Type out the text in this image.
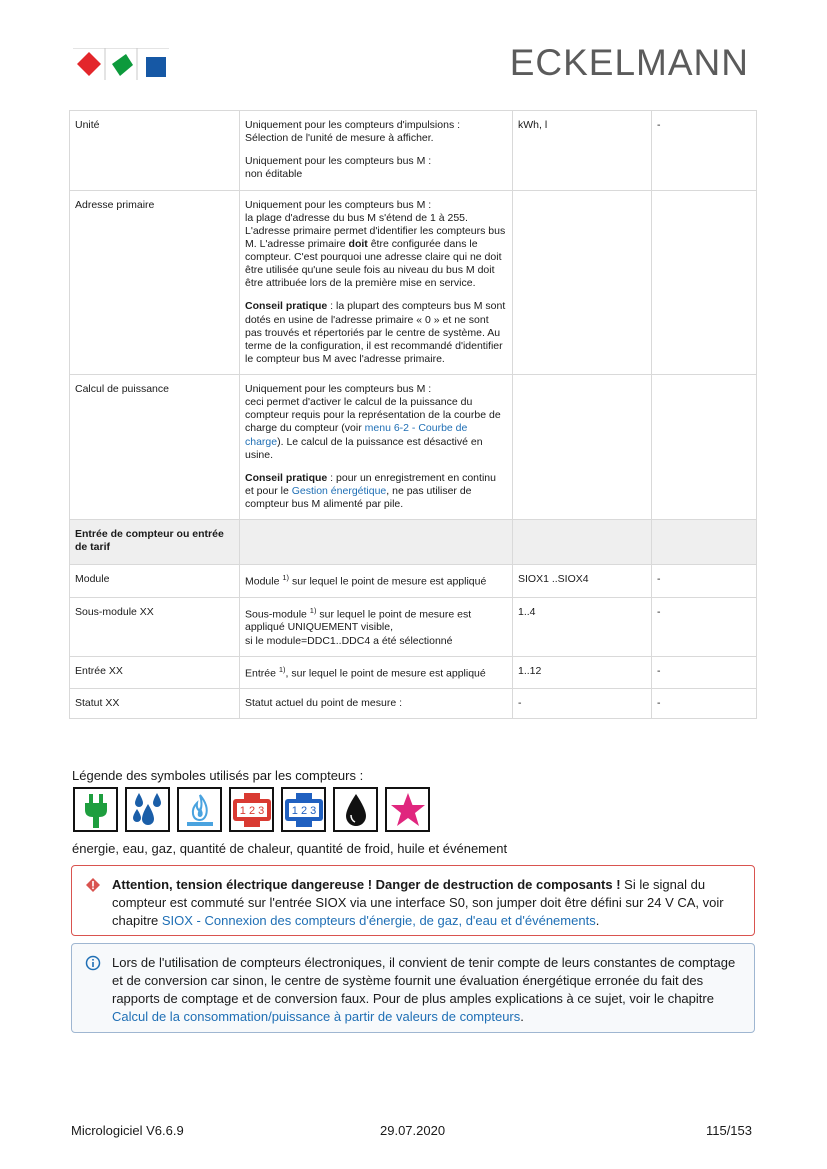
ECKELMANN
Unité	Uniquement pour les compteurs d'impulsions :
Sélection de l'unité de mesure à afficher.
Uniquement pour les compteurs bus M :
non éditable	kWh, l	-
Adresse primaire	Uniquement pour les compteurs bus M :
la plage d'adresse du bus M s'étend de 1 à 255. L'adresse primaire permet d'identifier les compteurs bus M. L'adresse primaire doit être configurée dans le compteur. C'est pourquoi une adresse claire qui ne doit être utilisée qu'une seule fois au niveau du bus M doit être attribuée lors de la première mise en service.
Conseil pratique : la plupart des compteurs bus M sont dotés en usine de l'adresse primaire « 0 » et ne sont pas trouvés et répertoriés par le centre de système. Au terme de la configuration, il est recommandé d'identifier le compteur bus M avec l'adresse primaire.		

Calcul de puissance	Uniquement pour les compteurs bus M :
ceci permet d'activer le calcul de la puissance du compteur requis pour la représentation de la courbe de charge du compteur (voir menu 6-2 - Courbe de charge). Le calcul de la puissance est désactivé en usine.
Conseil pratique : pour un enregistrement en continu et pour le Gestion énergétique, ne pas utiliser de compteur bus M alimenté par pile.		

Entrée de compteur ou entrée de tarif			
Module	Module $^{1)}$ sur lequel le point de mesure est appliqué	SIOX1 ..SIOX4	-
Sous-module XX	Sous-module $^{1)}$ sur lequel le point de mesure est appliqué UNIQUEMENT visible,
si le module=DDC1..DDC4 a été sélectionné	1..4	-
Entrée XX	Entrée $^{1)}$, sur lequel le point de mesure est appliqué	1..12	-
Statut XX	Statut actuel du point de mesure :	-	-
Légende des symboles utilisés par les compteurs :
1 2 3	1 2 3
énergie, eau, gaz, quantité de chaleur, quantité de froid, huile et événement
Attention, tension électrique dangereuse ! Danger de destruction de composants ! Si le signal du compteur est commuté sur l'entrée SIOX via une interface S0, son jumper doit être défini sur 24 V CA, voir chapitre SIOX - Connexion des compteurs d'énergie, de gaz, d'eau et d'événements.
Lors de l'utilisation de compteurs électroniques, il convient de tenir compte de leurs constantes de comptage et de conversion car sinon, le centre de système fournit une évaluation énergétique erronée du fait des rapports de comptage et de conversion faux. Pour de plus amples explications à ce sujet, voir le chapitre Calcul de la consommation/puissance à partir de valeurs de compteurs.
Micrologiciel V6.6.9	29.07.2020	115/153
